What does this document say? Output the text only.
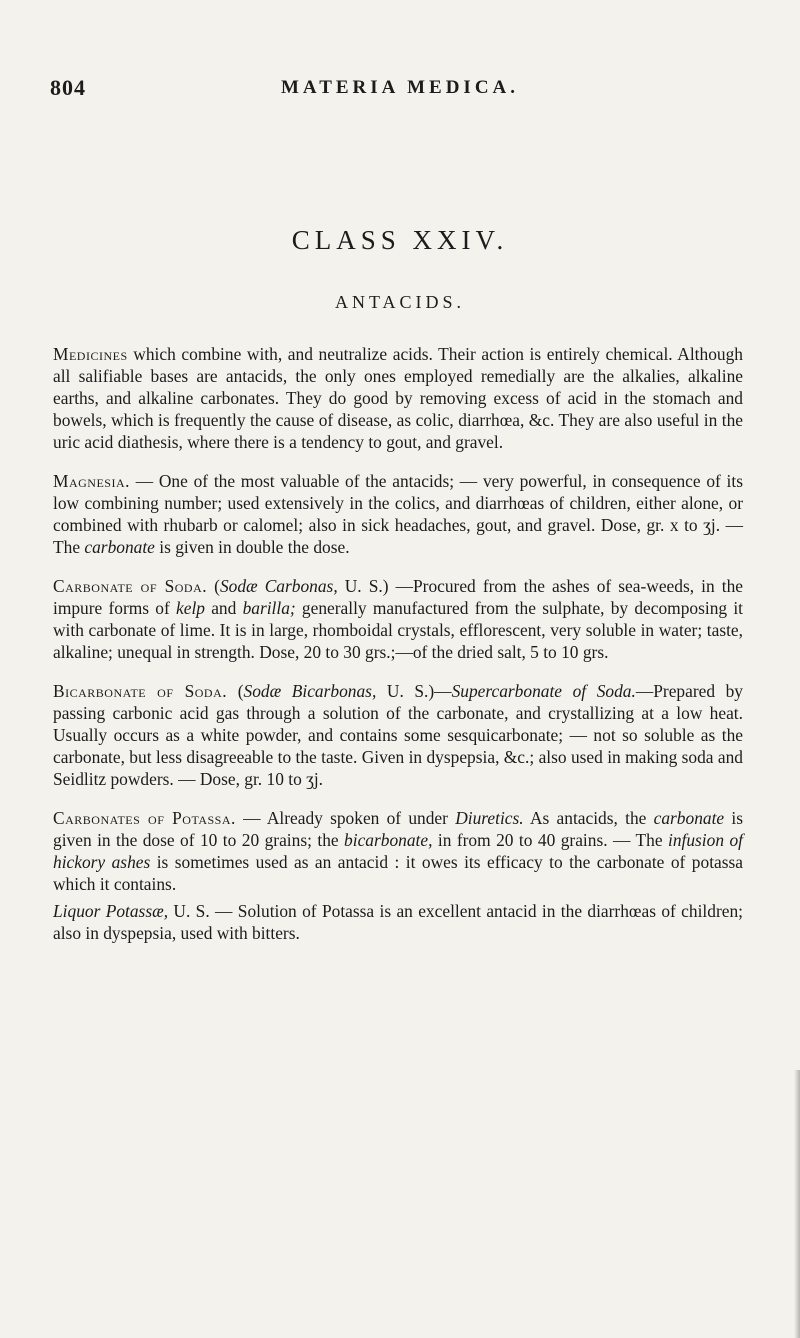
804	MATERIA MEDICA.
CLASS XXIV.
ANTACIDS.

Medicines which combine with, and neutralize acids. Their action is entirely chemical. Although all salifiable bases are antacids, the only ones employed remedially are the alkalies, alkaline earths, and alkaline carbonates. They do good by removing excess of acid in the stomach and bowels, which is frequently the cause of disease, as colic, diarrhœa, &c. They are also useful in the uric acid diathesis, where there is a tendency to gout, and gravel.

Magnesia. — One of the most valuable of the antacids; — very powerful, in consequence of its low combining number; used extensively in the colics, and diarrhœas of children, either alone, or combined with rhubarb or calomel; also in sick headaches, gout, and gravel. Dose, gr. x to ʒj. — The carbonate is given in double the dose.

Carbonate of Soda. (Sodæ Carbonas, U. S.) —Procured from the ashes of sea-weeds, in the impure forms of kelp and barilla; generally manufactured from the sulphate, by decomposing it with carbonate of lime. It is in large, rhomboidal crystals, efflorescent, very soluble in water; taste, alkaline; unequal in strength. Dose, 20 to 30 grs.;—of the dried salt, 5 to 10 grs.

Bicarbonate of Soda. (Sodæ Bicarbonas, U. S.)—Supercarbonate of Soda.—Prepared by passing carbonic acid gas through a solution of the carbonate, and crystallizing at a low heat. Usually occurs as a white powder, and contains some sesquicarbonate; — not so soluble as the carbonate, but less disagreeable to the taste. Given in dyspepsia, &c.; also used in making soda and Seidlitz powders. — Dose, gr. 10 to ʒj.

Carbonates of Potassa. — Already spoken of under Diuretics. As antacids, the carbonate is given in the dose of 10 to 20 grains; the bicarbonate, in from 20 to 40 grains. — The infusion of hickory ashes is sometimes used as an antacid : it owes its efficacy to the carbonate of potassa which it contains.

Liquor Potassæ, U. S. — Solution of Potassa is an excellent antacid in the diarrhœas of children; also in dyspepsia, used with bitters.
